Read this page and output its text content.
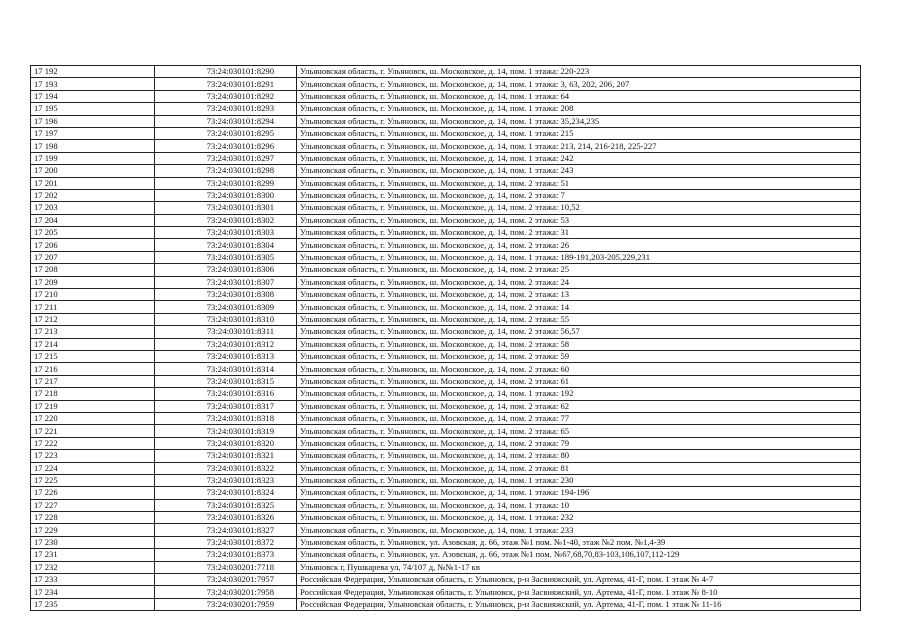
17 192	73:24:030101:8290	Ульяновская область, г. Ульяновск, ш. Московское, д. 14, пом. 1 этажа: 220-223
17 193	73:24:030101:8291	Ульяновская область, г. Ульяновск, ш. Московское, д. 14, пом. 1 этажа: 3, 63, 202, 206, 207
17 194	73:24:030101:8292	Ульяновская область, г. Ульяновск, ш. Московское, д. 14, пом. 1 этажа: 64
17 195	73:24:030101:8293	Ульяновская область, г. Ульяновск, ш. Московское, д. 14, пом. 1 этажа: 208
17 196	73:24:030101:8294	Ульяновская область, г. Ульяновск, ш. Московское, д. 14, пом. 1 этажа: 35,234,235
17 197	73:24:030101:8295	Ульяновская область, г. Ульяновск, ш. Московское, д. 14, пом. 1 этажа: 215
17 198	73:24:030101:8296	Ульяновская область, г. Ульяновск, ш. Московское, д. 14, пом. 1 этажа: 213, 214, 216-218, 225-227
17 199	73:24:030101:8297	Ульяновская область, г. Ульяновск, ш. Московское, д. 14, пом. 1 этажа: 242
17 200	73:24:030101:8298	Ульяновская область, г. Ульяновск, ш. Московское, д. 14, пом. 1 этажа: 243
17 201	73:24:030101:8299	Ульяновская область, г. Ульяновск, ш. Московское, д. 14, пом. 2 этажа: 51
17 202	73:24:030101:8300	Ульяновская область, г. Ульяновск, ш. Московское, д. 14, пом. 2 этажа: 7
17 203	73:24:030101:8301	Ульяновская область, г. Ульяновск, ш. Московское, д. 14, пом. 2 этажа: 10,52
17 204	73:24:030101:8302	Ульяновская область, г. Ульяновск, ш. Московское, д. 14, пом. 2 этажа: 53
17 205	73:24:030101:8303	Ульяновская область, г. Ульяновск, ш. Московское, д. 14, пом. 2 этажа: 31
17 206	73:24:030101:8304	Ульяновская область, г. Ульяновск, ш. Московское, д. 14, пом. 2 этажа: 26
17 207	73:24:030101:8305	Ульяновская область, г. Ульяновск, ш. Московское, д. 14, пом. 1 этажа: 189-191,203-205,229,231
17 208	73:24:030101:8306	Ульяновская область, г. Ульяновск, ш. Московское, д. 14, пом. 2 этажа: 25
17 209	73:24:030101:8307	Ульяновская область, г. Ульяновск, ш. Московское, д. 14, пом. 2 этажа: 24
17 210	73:24:030101:8308	Ульяновская область, г. Ульяновск, ш. Московское, д. 14, пом. 2 этажа: 13
17 211	73:24:030101:8309	Ульяновская область, г. Ульяновск, ш. Московское, д. 14, пом. 2 этажа: 14
17 212	73:24:030101:8310	Ульяновская область, г. Ульяновск, ш. Московское, д. 14, пом. 2 этажа: 55
17 213	73:24:030101:8311	Ульяновская область, г. Ульяновск, ш. Московское, д. 14, пом. 2 этажа: 56,57
17 214	73:24:030101:8312	Ульяновская область, г. Ульяновск, ш. Московское, д. 14, пом. 2 этажа: 58
17 215	73:24:030101:8313	Ульяновская область, г. Ульяновск, ш. Московское, д. 14, пом. 2 этажа: 59
17 216	73:24:030101:8314	Ульяновская область, г. Ульяновск, ш. Московское, д. 14, пом. 2 этажа: 60
17 217	73:24:030101:8315	Ульяновская область, г. Ульяновск, ш. Московское, д. 14, пом. 2 этажа: 61
17 218	73:24:030101:8316	Ульяновская область, г. Ульяновск, ш. Московское, д. 14, пом. 1 этажа: 192
17 219	73:24:030101:8317	Ульяновская область, г. Ульяновск, ш. Московское, д. 14, пом. 2 этажа: 62
17 220	73:24:030101:8318	Ульяновская область, г. Ульяновск, ш. Московское, д. 14, пом. 2 этажа: 77
17 221	73:24:030101:8319	Ульяновская область, г. Ульяновск, ш. Московское, д. 14, пом. 2 этажа: 65
17 222	73:24:030101:8320	Ульяновская область, г. Ульяновск, ш. Московское, д. 14, пом. 2 этажа: 79
17 223	73:24:030101:8321	Ульяновская область, г. Ульяновск, ш. Московское, д. 14, пом. 2 этажа: 80
17 224	73:24:030101:8322	Ульяновская область, г. Ульяновск, ш. Московское, д. 14, пом. 2 этажа: 81
17 225	73:24:030101:8323	Ульяновская область, г. Ульяновск, ш. Московское, д. 14, пом. 1 этажа: 230
17 226	73:24:030101:8324	Ульяновская область, г. Ульяновск, ш. Московское, д. 14, пом. 1 этажа: 194-196
17 227	73:24:030101:8325	Ульяновская область, г. Ульяновск, ш. Московское, д. 14, пом. 1 этажа: 10
17 228	73:24:030101:8326	Ульяновская область, г. Ульяновск, ш. Московское, д. 14, пом. 1 этажа: 232
17 229	73:24:030101:8327	Ульяновская область, г. Ульяновск, ш. Московское, д. 14, пом. 1 этажа: 233
17 230	73:24:030101:8372	Ульяновская область, г. Ульяновск, ул. Азовская, д. 66, этаж №1 пом. №1-40, этаж №2 пом. №1,4-39
17 231	73:24:030101:8373	Ульяновская область, г. Ульяновск, ул. Азовская, д. 66, этаж №1 пом. №67,68,70,83-103,106,107,112-129
17 232	73:24:030201:7718	Ульяновск г, Пушкарева ул, 74/107 д, №№1-17 кв
17 233	73:24:030201:7957	Российская Федерация, Ульяновская область, г. Ульяновск, р-н Засвияжский, ул. Артема, 41-Г, пом. 1 этаж № 4-7
17 234	73:24:030201:7958	Российская Федерация, Ульяновская область, г. Ульяновск, р-н Засвияжский, ул. Артема, 41-Г, пом. 1 этаж № 8-10
17 235	73:24:030201:7959	Российская Федерация, Ульяновская область, г. Ульяновск, р-н Засвияжский, ул. Артема, 41-Г, пом. 1 этаж № 11-16
